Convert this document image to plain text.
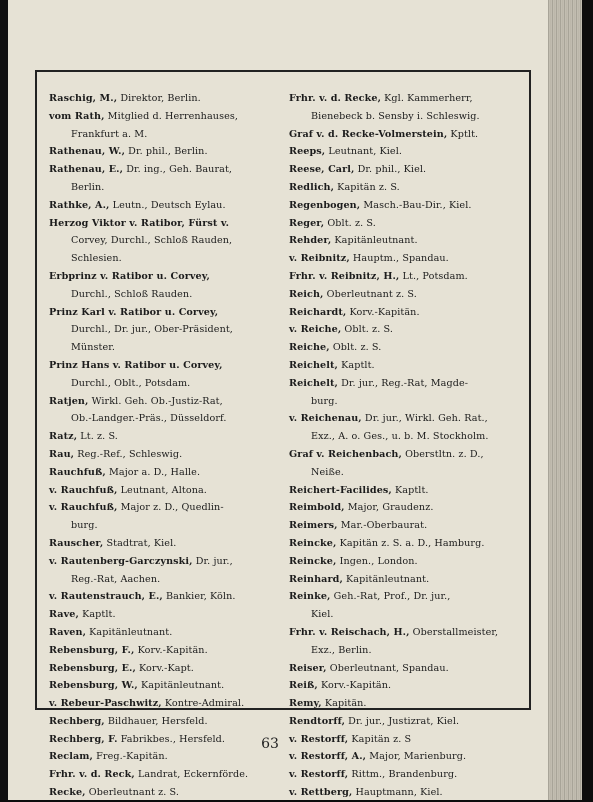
Raschig, M., Direktor, Berlin.
vom Rath, Mitglied d. Herrenhauses,
Frankfurt a. M.
Rathenau, W., Dr. phil., Berlin.
Rathenau, E., Dr. ing., Geh. Baurat,
Berlin.
Rathke, A., Leutn., Deutsch Eylau.
Herzog Viktor v. Ratibor, Fürst v.
Corvey, Durchl., Schloß Rauden,
Schlesien.
Erbprinz v. Ratibor u. Corvey,
Durchl., Schloß Rauden.
Prinz Karl v. Ratibor u. Corvey,
Durchl., Dr. jur., Ober-Präsident,
Münster.
Prinz Hans v. Ratibor u. Corvey,
Durchl., Oblt., Potsdam.
Ratjen, Wirkl. Geh. Ob.-Justiz-Rat,
Ob.-Landger.-Präs., Düsseldorf.
Ratz, Lt. z. S.
Rau, Reg.-Ref., Schleswig.
Rauchfuß, Major a. D., Halle.
v. Rauchfuß, Leutnant, Altona.
v. Rauchfuß, Major z. D., Quedlin-
burg.
Rauscher, Stadtrat, Kiel.
v. Rautenberg-Garczynski, Dr. jur.,
Reg.-Rat, Aachen.
v. Rautenstrauch, E., Bankier, Köln.
Rave, Kaptlt.
Raven, Kapitänleutnant.
Rebensburg, F., Korv.-Kapitän.
Rebensburg, E., Korv.-Kapt.
Rebensburg, W., Kapitänleutnant.
v. Rebeur-Paschwitz, Kontre-Admiral.
Rechberg, Bildhauer, Hersfeld.
Rechberg, F. Fabrikbes., Hersfeld.
Reclam, Freg.-Kapitän.
Frhr. v. d. Reck, Landrat, Eckernförde.
Recke, Oberleutnant z. S.
Frhr. v. d. Recke, Kgl. Kammerherr,
Bienebeck b. Sensby i. Schleswig.
Graf v. d. Recke-Volmerstein, Kptlt.
Reeps, Leutnant, Kiel.
Reese, Carl, Dr. phil., Kiel.
Redlich, Kapitän z. S.
Regenbogen, Masch.-Bau-Dir., Kiel.
Reger, Oblt. z. S.
Rehder, Kapitänleutnant.
v. Reibnitz, Hauptm., Spandau.
Frhr. v. Reibnitz, H., Lt., Potsdam.
Reich, Oberleutnant z. S.
Reichardt, Korv.-Kapitän.
v. Reiche, Oblt. z. S.
Reiche, Oblt. z. S.
Reichelt, Kaptlt.
Reichelt, Dr. jur., Reg.-Rat, Magde-
burg.
v. Reichenau, Dr. jur., Wirkl. Geh. Rat.,
Exz., A. o. Ges., u. b. M. Stockholm.
Graf v. Reichenbach, Oberstltn. z. D.,
Neiße.
Reichert-Facilides, Kaptlt.
Reimbold, Major, Graudenz.
Reimers, Mar.-Oberbaurat.
Reincke, Kapitän z. S. a. D., Hamburg.
Reincke, Ingen., London.
Reinhard, Kapitänleutnant.
Reinke, Geh.-Rat, Prof., Dr. jur.,
Kiel.
Frhr. v. Reischach, H., Oberstallmeister,
Exz., Berlin.
Reiser, Oberleutnant, Spandau.
Reiß, Korv.-Kapitän.
Remy, Kapitän.
Rendtorff, Dr. jur., Justizrat, Kiel.
v. Restorff, Kapitän z. S
v. Restorff, A., Major, Marienburg.
v. Restorff, Rittm., Brandenburg.
v. Rettberg, Hauptmann, Kiel.
63
